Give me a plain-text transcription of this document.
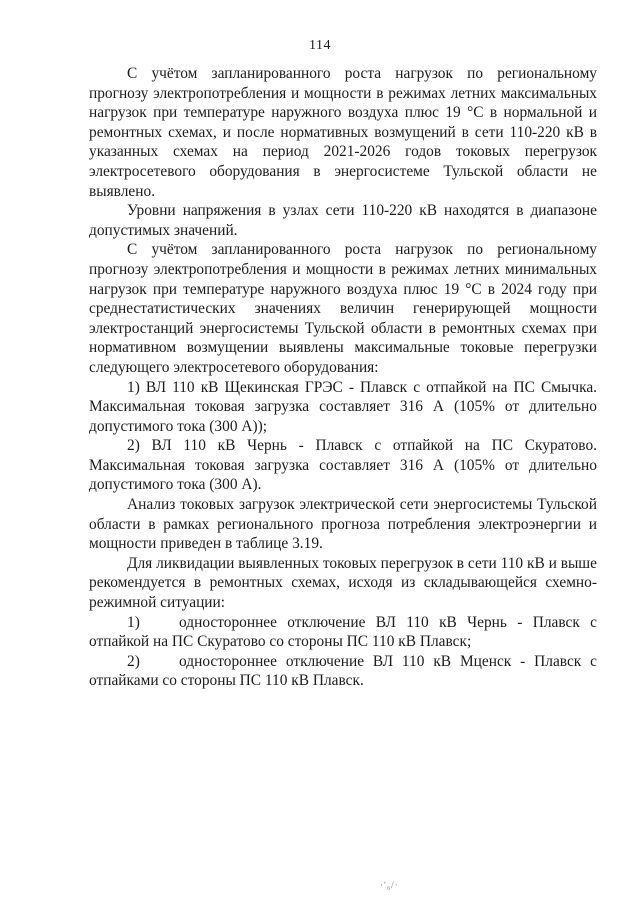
114

С учётом запланированного роста нагрузок по региональному прогнозу электропотребления и мощности в режимах летних максимальных нагрузок при температуре наружного воздуха плюс 19 °С в нормальной и ремонтных схемах, и после нормативных возмущений в сети 110-220 кВ в указанных схемах на период 2021-2026 годов токовых перегрузок электросетевого оборудования в энергосистеме Тульской области не выявлено.

Уровни напряжения в узлах сети 110-220 кВ находятся в диапазоне допустимых значений.

С учётом запланированного роста нагрузок по региональному прогнозу электропотребления и мощности в режимах летних минимальных нагрузок при температуре наружного воздуха плюс 19 °С в 2024 году при среднестатистических значениях величин генерирующей мощности электростанций энергосистемы Тульской области в ремонтных схемах при нормативном возмущении выявлены максимальные токовые перегрузки следующего электросетевого оборудования:

1) ВЛ 110 кВ Щекинская ГРЭС - Плавск с отпайкой на ПС Смычка. Максимальная токовая загрузка составляет 316 А (105% от длительно допустимого тока (300 А));

2) ВЛ 110 кВ Чернь - Плавск с отпайкой на ПС Скуратово. Максимальная токовая загрузка составляет 316 А (105% от длительно допустимого тока (300 А).

Анализ токовых загрузок электрической сети энергосистемы Тульской области в рамках регионального прогноза потребления электроэнергии и мощности приведен в таблице 3.19.

Для ликвидации выявленных токовых перегрузок в сети 110 кВ и выше рекомендуется в ремонтных схемах, исходя из складывающейся схемно-режимной ситуации:

1)	одностороннее отключение ВЛ 110 кВ Чернь - Плавск с отпайкой на ПС Скуратово со стороны ПС 110 кВ Плавск;

2)	одностороннее отключение ВЛ 110 кВ Мценск - Плавск с отпайками со стороны ПС 110 кВ Плавск.

·ʹ₆/·
